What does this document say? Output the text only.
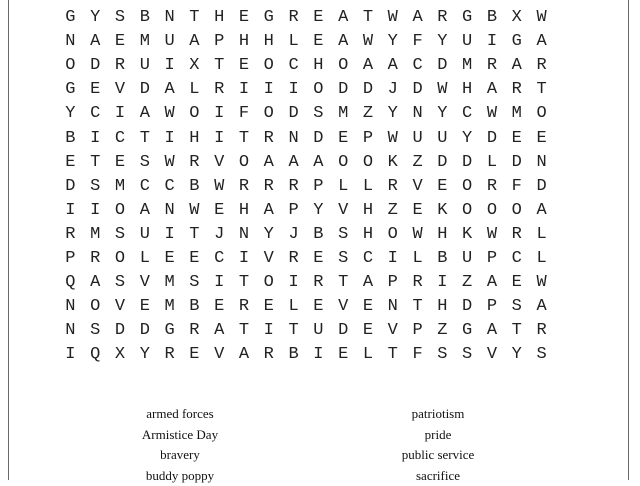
G Y S B N T H E G R E A T W A R G B X W
N A E M U A P H H L E A W Y F Y U I G A
O D R U I X T E O C H O A A C D M R A R
G E V D A L R I I I O D D J D W H A R T
Y C I A W O I F O D S M Z Y N Y C W M O
B I C T I H I T R N D E P W U U Y D E E
E T E S W R V O A A A O O K Z D D L D N
D S M C C B W R R R P L L R V E O R F D
I I O A N W E H A P Y V H Z E K O O O A
R M S U I T J N Y J B S H O W H K W R L
P R O L E E C I V R E S C I L B U P C L
Q A S V M S I T O I R T A P R I Z A E W
N O V E M B E R E L E V E N T H D P S A
N S D D G R A T I T U D E V P Z G A T R
I Q X Y R E V A R B I E L T F S S V Y S
armed forces
Armistice Day
bravery
buddy poppy
patriotism
pride
public service
sacrifice
